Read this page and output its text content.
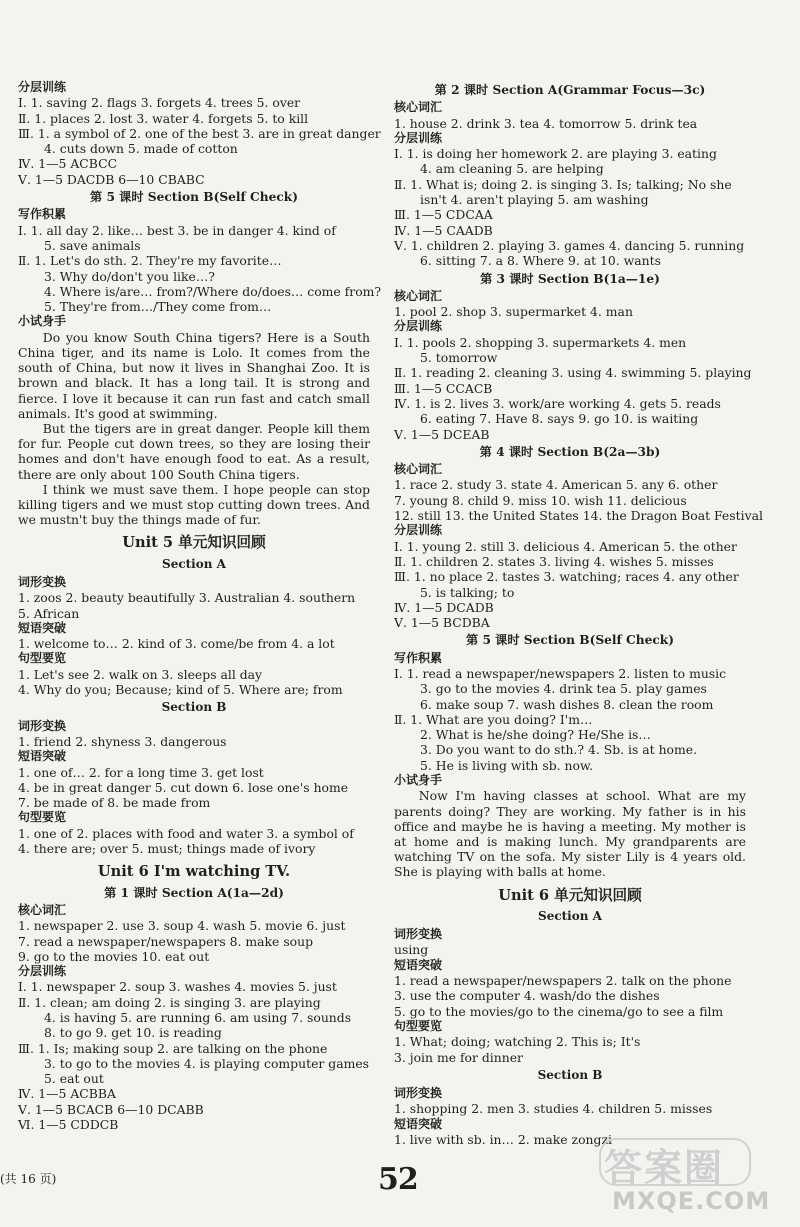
分层训练
Ⅰ. 1. saving 2. flags 3. forgets 4. trees 5. over
Ⅱ. 1. places 2. lost 3. water 4. forgets 5. to kill
Ⅲ. 1. a symbol of 2. one of the best 3. are in great danger
4. cuts down 5. made of cotton
Ⅳ. 1—5 ACBCC
Ⅴ. 1—5 DACDB 6—10 CBABC
第 5 课时 Section B(Self Check)
写作积累
Ⅰ. 1. all day 2. like… best 3. be in danger 4. kind of
5. save animals
Ⅱ. 1. Let's do sth. 2. They're my favorite…
3. Why do/don't you like…?
4. Where is/are… from?/Where do/does… come from?
5. They're from…/They come from…
小试身手
Do you know South China tigers? Here is a South China tiger, and its name is Lolo. It comes from the south of China, but now it lives in Shanghai Zoo. It is brown and black. It has a long tail. It is strong and fierce. I love it because it can run fast and catch small animals. It's good at swimming.
But the tigers are in great danger. People kill them for fur. People cut down trees, so they are losing their homes and don't have enough food to eat. As a result, there are only about 100 South China tigers.
I think we must save them. I hope people can stop killing tigers and we must stop cutting down trees. And we mustn't buy the things made of fur.
Unit 5 单元知识回顾
Section A
词形变换
1. zoos 2. beauty beautifully 3. Australian 4. southern
5. African
短语突破
1. welcome to… 2. kind of 3. come/be from 4. a lot
句型要览
1. Let's see 2. walk on 3. sleeps all day
4. Why do you; Because; kind of 5. Where are; from
Section B
词形变换
1. friend 2. shyness 3. dangerous
短语突破
1. one of… 2. for a long time 3. get lost
4. be in great danger 5. cut down 6. lose one's home
7. be made of 8. be made from
句型要览
1. one of 2. places with food and water 3. a symbol of
4. there are; over 5. must; things made of ivory
Unit 6 I'm watching TV.
第 1 课时 Section A(1a—2d)
核心词汇
1. newspaper 2. use 3. soup 4. wash 5. movie 6. just
7. read a newspaper/newspapers 8. make soup
9. go to the movies 10. eat out
分层训练
Ⅰ. 1. newspaper 2. soup 3. washes 4. movies 5. just
Ⅱ. 1. clean; am doing 2. is singing 3. are playing
4. is having 5. are running 6. am using 7. sounds
8. to go 9. get 10. is reading
Ⅲ. 1. Is; making soup 2. are talking on the phone
3. to go to the movies 4. is playing computer games
5. eat out
Ⅳ. 1—5 ACBBA
Ⅴ. 1—5 BCACB 6—10 DCABB
Ⅵ. 1—5 CDDCB
第 2 课时 Section A(Grammar Focus—3c)
核心词汇
1. house 2. drink 3. tea 4. tomorrow 5. drink tea
分层训练
Ⅰ. 1. is doing her homework 2. are playing 3. eating
4. am cleaning 5. are helping
Ⅱ. 1. What is; doing 2. is singing 3. Is; talking; No she
isn't 4. aren't playing 5. am washing
Ⅲ. 1—5 CDCAA
Ⅳ. 1—5 CAADB
Ⅴ. 1. children 2. playing 3. games 4. dancing 5. running
6. sitting 7. a 8. Where 9. at 10. wants
第 3 课时 Section B(1a—1e)
核心词汇
1. pool 2. shop 3. supermarket 4. man
分层训练
Ⅰ. 1. pools 2. shopping 3. supermarkets 4. men
5. tomorrow
Ⅱ. 1. reading 2. cleaning 3. using 4. swimming 5. playing
Ⅲ. 1—5 CCACB
Ⅳ. 1. is 2. lives 3. work/are working 4. gets 5. reads
6. eating 7. Have 8. says 9. go 10. is waiting
Ⅴ. 1—5 DCEAB
第 4 课时 Section B(2a—3b)
核心词汇
1. race 2. study 3. state 4. American 5. any 6. other
7. young 8. child 9. miss 10. wish 11. delicious
12. still 13. the United States 14. the Dragon Boat Festival
分层训练
Ⅰ. 1. young 2. still 3. delicious 4. American 5. the other
Ⅱ. 1. children 2. states 3. living 4. wishes 5. misses
Ⅲ. 1. no place 2. tastes 3. watching; races 4. any other
5. is talking; to
Ⅳ. 1—5 DCADB
Ⅴ. 1—5 BCDBA
第 5 课时 Section B(Self Check)
写作积累
Ⅰ. 1. read a newspaper/newspapers 2. listen to music
3. go to the movies 4. drink tea 5. play games
6. make soup 7. wash dishes 8. clean the room
Ⅱ. 1. What are you doing? I'm…
2. What is he/she doing? He/She is…
3. Do you want to do sth.? 4. Sb. is at home.
5. He is living with sb. now.
小试身手
Now I'm having classes at school. What are my parents doing? They are working. My father is in his office and maybe he is having a meeting. My mother is at home and is making lunch. My grandparents are watching TV on the sofa. My sister Lily is 4 years old. She is playing with balls at home.
Unit 6 单元知识回顾
Section A
词形变换
using
短语突破
1. read a newspaper/newspapers 2. talk on the phone
3. use the computer 4. wash/do the dishes
5. go to the movies/go to the cinema/go to see a film
句型要览
1. What; doing; watching 2. This is; It's
3. join me for dinner
Section B
词形变换
1. shopping 2. men 3. studies 4. children 5. misses
短语突破
1. live with sb. in… 2. make zongzi
(共 16 页)	52	答案圈
MXQE.COM
